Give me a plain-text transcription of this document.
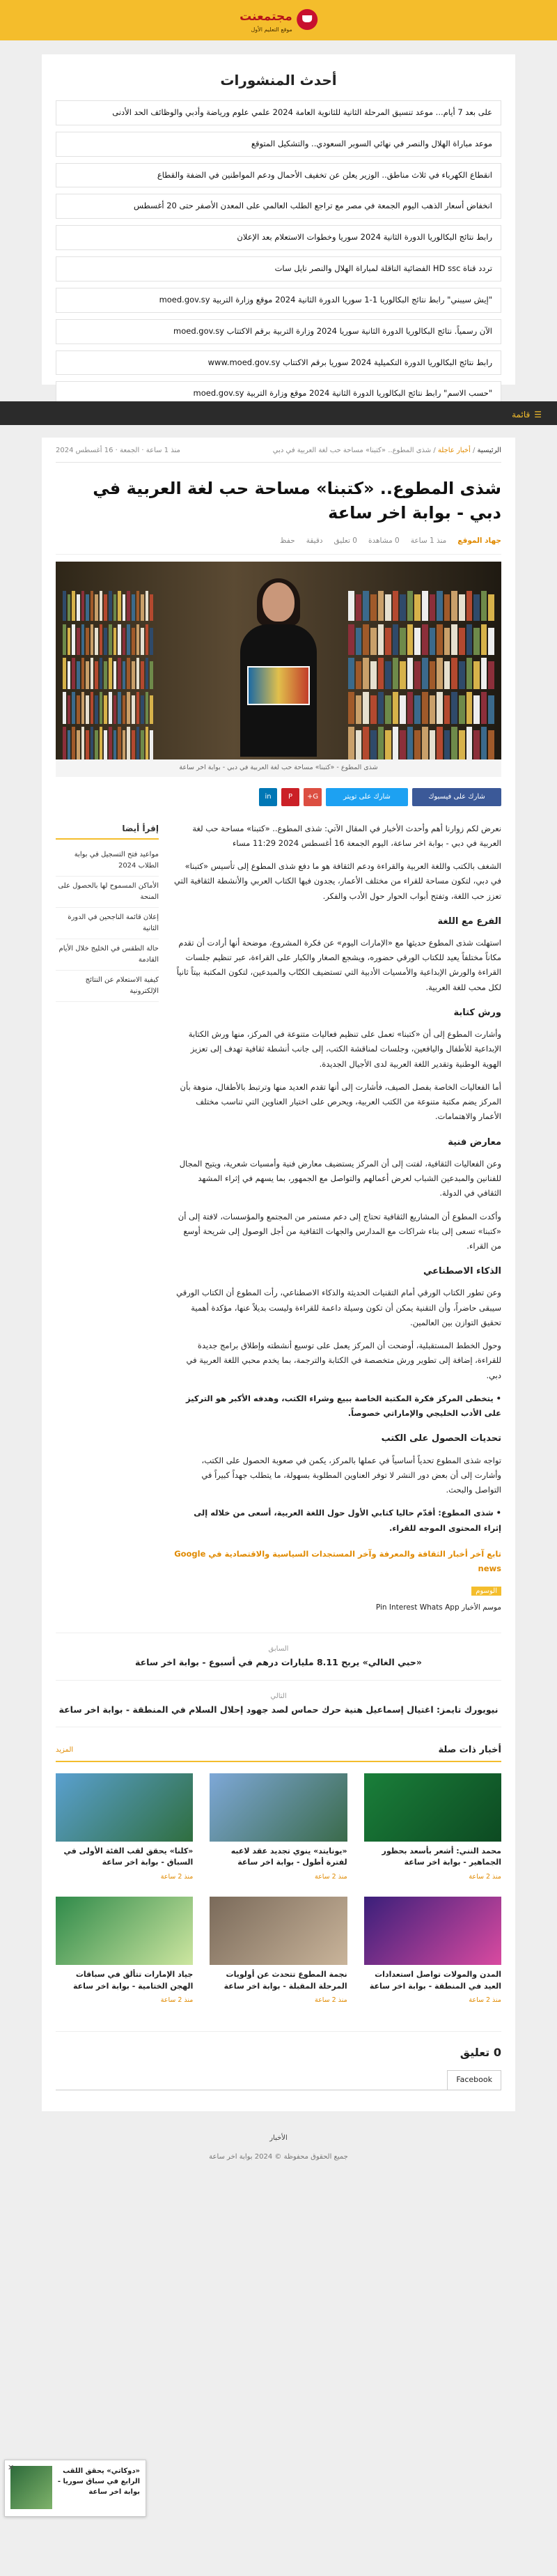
مجتمعنت
موقع التعليم الأول
أحدث المنشورات
على بعد 7 أيام... موعد تنسيق المرحلة الثانية للثانوية العامة 2024 علمي علوم ورياضة وأدبي والوظائف الحد الأدنى
موعد مباراة الهلال والنصر في نهائي السوبر السعودي.. والتشكيل المتوقع
انقطاع الكهرباء في ثلاث مناطق.. الوزير يعلن عن تخفيف الأحمال ودعم المواطنين في الضفة والقطاع
انخفاض أسعار الذهب اليوم الجمعة في مصر مع تراجع الطلب العالمي على المعدن الأصفر حتى 20 أغسطس
رابط نتائج البكالوريا الدورة الثانية 2024 سوريا وخطوات الاستعلام بعد الإعلان
تردد قناة HD ssc الفضائية الناقلة لمباراة الهلال والنصر نايل سات
"إيش سيبني" رابط نتائج البكالوريا 1-1 سوريا الدورة الثانية 2024 موقع وزارة التربية moed.gov.sy
الآن رسمياً. نتائج البكالوريا الدورة الثانية سوريا 2024 وزارة التربية برقم الاكتتاب moed.gov.sy
رابط نتائج البكالوريا الدورة التكميلية 2024 سوريا برقم الاكتتاب www.moed.gov.sy
"حسب الاسم" رابط نتائج البكالوريا الدورة الثانية 2024 موقع وزارة التربية moed.gov.sy
☰
قائمة
الرئيسية / أخبار عاجلة / شذى المطوع.. «كتبنا» مساحة حب لغة العربية في دبي
منذ 1 ساعة · الجمعة · 16 أغسطس 2024
شذى المطوع.. «كتبنا» مساحة حب لغة العربية في دبي - بوابة اخر ساعة
جهاد الموقع
منذ 1 ساعة
0 مشاهدة
0 تعليق
دقيقة
حفظ
شذى المطوع - «كتبنا» مساحة حب لغة العربية في دبي - بوابة اخر ساعة
شارك على فيسبوك
شارك على تويتر
G+
P
in

نعرض لكم زوارنا أهم وأحدث الأخبار في المقال الآتي: شذى المطوع.. «كتبنا» مساحة حب لغة العربية في دبي - بوابة اخر ساعة، اليوم الجمعة 16 أغسطس 2024 11:29 مساء

الشغف بالكتب واللغة العربية والقراءة ودعم الثقافة هو ما دفع شذى المطوع إلى تأسيس «كتبنا» في دبي، لتكون مساحة للقراء من مختلف الأعمار، يجدون فيها الكتاب العربي والأنشطة الثقافية التي تعزز حب اللغة، وتفتح أبواب الحوار حول الأدب والفكر.

الفرع مع اللغة

استهلت شذى المطوع حديثها مع «الإمارات اليوم» عن فكرة المشروع، موضحة أنها أرادت أن تقدم مكاناً مختلفاً يعيد للكتاب الورقي حضوره، ويشجع الصغار والكبار على القراءة، عبر تنظيم جلسات القراءة والورش الإبداعية والأمسيات الأدبية التي تستضيف الكتّاب والمبدعين، لتكون المكتبة بيتاً ثانياً لكل محب للغة العربية.

ورش كتابة

وأشارت المطوع إلى أن «كتبنا» تعمل على تنظيم فعاليات متنوعة في المركز، منها ورش الكتابة الإبداعية للأطفال واليافعين، وجلسات لمناقشة الكتب، إلى جانب أنشطة ثقافية تهدف إلى تعزيز الهوية الوطنية وتقدير اللغة العربية لدى الأجيال الجديدة.

أما الفعاليات الخاصة بفصل الصيف، فأشارت إلى أنها تقدم العديد منها وترتبط بالأطفال، منوهة بأن المركز يضم مكتبة متنوعة من الكتب العربية، ويحرص على اختيار العناوين التي تناسب مختلف الأعمار والاهتمامات.

معارض فنية

وعن الفعاليات الثقافية، لفتت إلى أن المركز يستضيف معارض فنية وأمسيات شعرية، ويتيح المجال للفنانين والمبدعين الشباب لعرض أعمالهم والتواصل مع الجمهور، بما يسهم في إثراء المشهد الثقافي في الدولة.

وأكدت المطوع أن المشاريع الثقافية تحتاج إلى دعم مستمر من المجتمع والمؤسسات، لافتة إلى أن «كتبنا» تسعى إلى بناء شراكات مع المدارس والجهات الثقافية من أجل الوصول إلى شريحة أوسع من القراء.

الذكاء الاصطناعي

وعن تطور الكتاب الورقي أمام التقنيات الحديثة والذكاء الاصطناعي، رأت المطوع أن الكتاب الورقي سيبقى حاضراً، وأن التقنية يمكن أن تكون وسيلة داعمة للقراءة وليست بديلاً عنها، مؤكدة أهمية تحقيق التوازن بين العالمين.

وحول الخطط المستقبلية، أوضحت أن المركز يعمل على توسيع أنشطته وإطلاق برامج جديدة للقراءة، إضافة إلى تطوير ورش متخصصة في الكتابة والترجمة، بما يخدم محبي اللغة العربية في دبي.

• يتخطى المركز فكرة المكتبة الخاصة ببيع وشراء الكتب، وهدفه الأكبر هو التركيز على الأدب الخليجي والإماراتي خصوصاً.

تحديات الحصول على الكتب

تواجه شذى المطوع تحدياً أساسياً في عملها بالمركز، يكمن في صعوبة الحصول على الكتب، وأشارت إلى أن بعض دور النشر لا توفر العناوين المطلوبة بسهولة، ما يتطلب جهداً كبيراً في التواصل والبحث.

• شذى المطوع: أقدّم حاليا كتابي الأول حول اللغة العربية، أسعى من خلاله إلى إثراء المحتوى الموجه للقراء.

تابع آخر أخبار الثقافة والمعرفة وآخر المستجدات السياسية والاقتصادية في Google news

الوسوم
موسم الأخبار Pin Interest Whats App
إقرأ أيضا
مواعيد فتح التسجيل في بوابة الطلاب 2024
الأماكن المسموح لها بالحصول على المنحة
إعلان قائمة الناجحين في الدورة الثانية
حالة الطقس في الخليج خلال الأيام القادمة
كيفية الاستعلام عن النتائج الإلكترونية
السابق
«حبي الغالي» يربح 8.11 مليارات درهم في أسبوع - بوابة اخر ساعة
التالي
نيويورك تايمز: اغتيال إسماعيل هنية حرك حماس لصد جهود إحلال السلام في المنطقة - بوابة اخر ساعة
أخبار ذات صلة
المزيد
محمد النني: أشعر بأسعد بحظور الجماهير - بوابة اخر ساعة
منذ 2 ساعة
«يونايتد» ينوي تجديد عقد لاعبه لفترة أطول - بوابة اخر ساعة
منذ 2 ساعة
«كلنا» يحقق لقب الفئة الأولى في السباق - بوابة اخر ساعة
منذ 2 ساعة
المدن والمولات تواصل استعدادات العيد في المنطقة - بوابة اخر ساعة
منذ 2 ساعة
نجمة المطوع تتحدث عن أولويات المرحلة المقبلة - بوابة اخر ساعة
منذ 2 ساعة
جياد الإمارات تتألق في سباقات الهجن الختامية - بوابة اخر ساعة
منذ 2 ساعة
0 تعليق
Facebook
الأخبار
جميع الحقوق محفوظة © 2024 بوابة اخر ساعة
✕	«دوكاتي» يحقق اللقب الرابع في سباق سوريا - بوابة اخر ساعة
